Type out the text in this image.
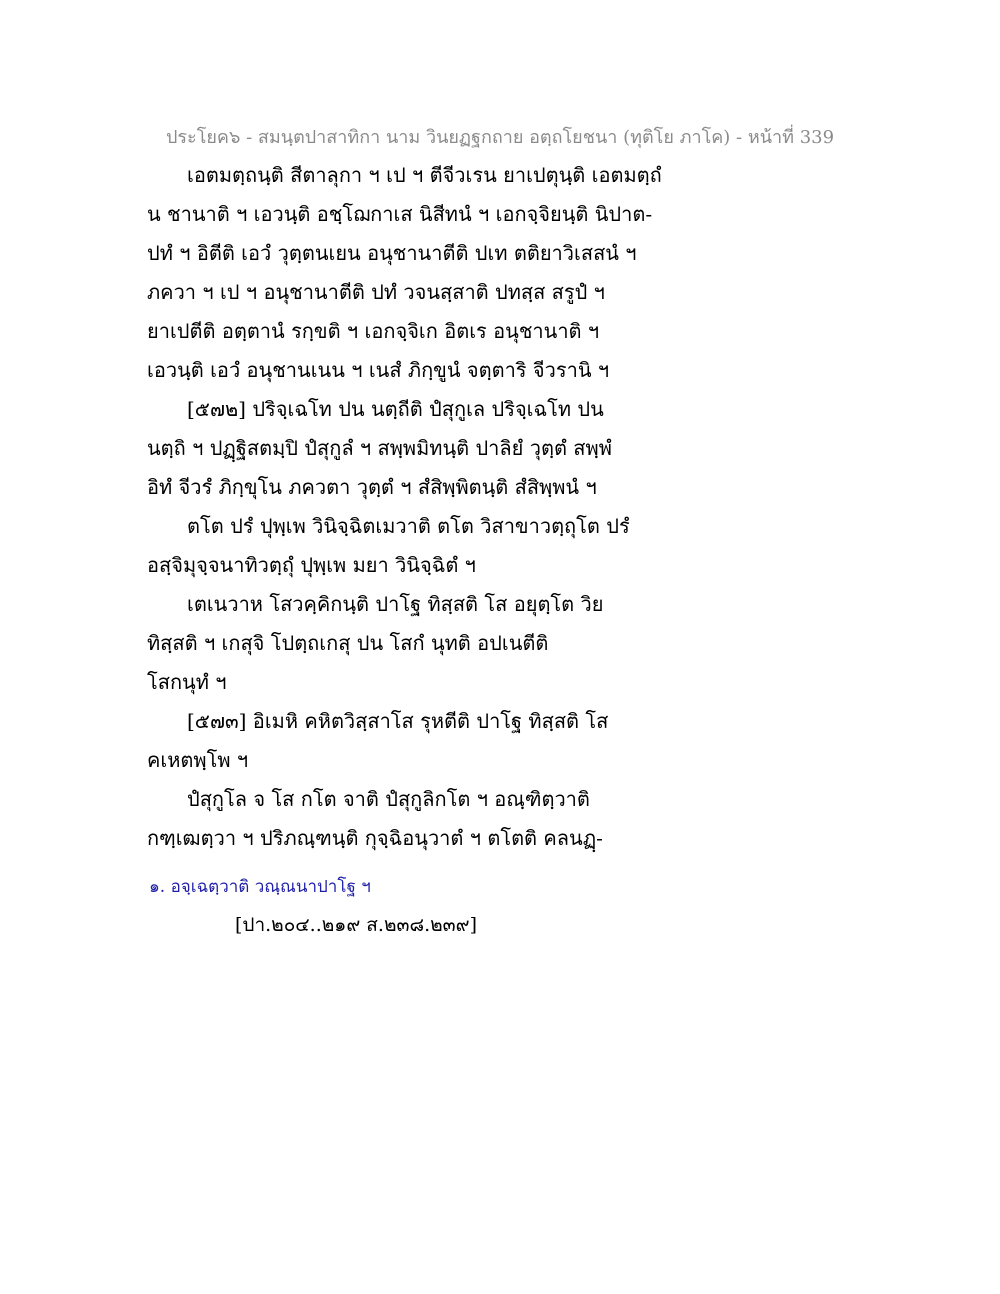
ประโยค๖ - สมนฺตปาสาทิกา นาม วินยฏฐกถาย อตฺถโยชนา (ทุติโย ภาโค) - หน้าที่ 339
เอตมตฺถนฺติ สีตาลุกา ฯ เป ฯ ตีจีวเรน ยาเปตุนฺติ เอตมตฺถํ
น ชานาติ ฯ เอวนฺติ อชฺโฌกาเส นิสีทนํ ฯ เอกจฺจิยนฺติ นิปาต-
ปทํ ฯ อิตีติ เอวํ วุตฺตนเยน อนุชานาตีติ ปเท ตติยาวิเสสนํ ฯ
ภควา ฯ เป ฯ อนุชานาตีติ ปทํ วจนสฺสาติ ปทสฺส สรูปํ ฯ
ยาเปตีติ อตฺตานํ รกฺขติ ฯ เอกจฺจิเก อิตเร อนุชานาติ ฯ
เอวนฺติ เอวํ อนุชานเนน ฯ เนสํ ภิกฺขูนํ จตฺตาริ จีวรานิ ฯ
[๕๗๒] ปริจฺเฉโท ปน นตฺถีติ ปํสุกูเล ปริจฺเฉโท ปน
นตฺถิ ฯ ปฏฺฐิสตมฺปิ ปํสุกูลํ ฯ สพฺพมิทนฺติ ปาลิยํ วุตฺตํ สพฺพํ
อิทํ จีวรํ ภิกฺขุโน ภควตา วุตฺตํ ฯ สํสิพฺพิตนฺติ สํสิพฺพนํ ฯ
ตโต ปรํ ปุพฺเพ วินิจฺฉิตเมวาติ ตโต วิสาขาวตฺถุโต ปรํ
อสฺจิมุจฺจนาทิวตฺถุํ ปุพฺเพ มยา วินิจฺฉิตํ ฯ
เตเนวาห โสวคฺคิกนฺติ ปาโฐ ทิสฺสติ โส อยุตฺโต วิย
ทิสฺสติ ฯ เกสุจิ โปตฺถเกสุ ปน โสกํ นุทติ อปเนตีติ
โสกนุทํ ฯ
[๕๗๓] อิเมหิ คหิตวิสฺสาโส รุหตีติ ปาโฐ ทิสฺสติ โส
คเหตพฺโพ ฯ
ปํสุกูโล จ โส กโต จาติ ปํสุกูลิกโต ฯ อณฺฑิตฺวาติ
กฑฺเฒตฺวา ฯ ปริภณฺฑนฺติ กุจฺฉิอนุวาตํ ฯ ตโตติ คลนฏฺ-
๑. อจฺเฉตฺวาติ วณฺณนาปาโฐ ฯ
[ปา.๒๐๔..๒๑๙ ส.๒๓๘.๒๓๙]
